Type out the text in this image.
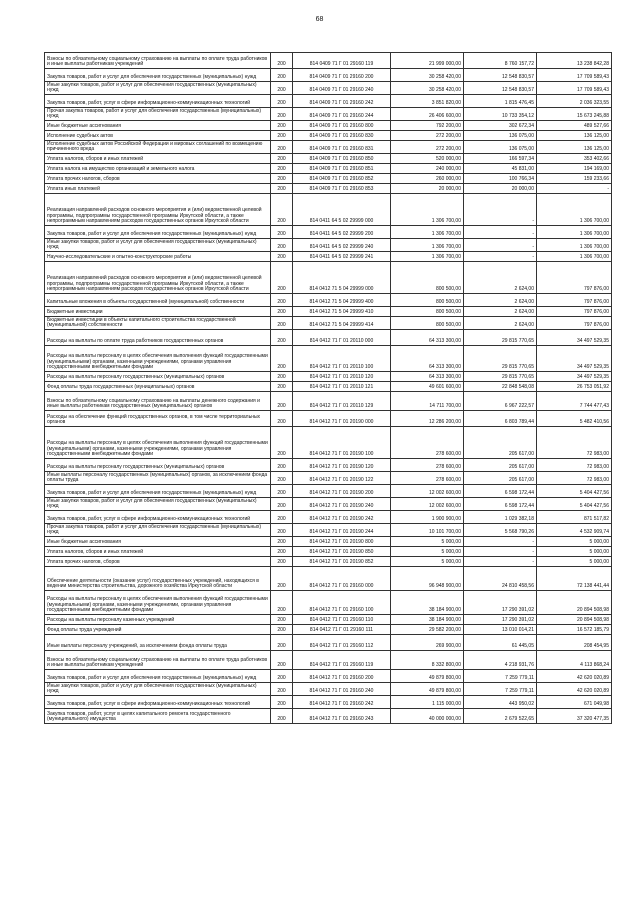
68
Взносы по обязательному социальному страхованию на выплаты по оплате труда работников и иные выплаты работникам учреждений	200	814 0409 71 Г 01 29160 119	21 999 000,00	8 760 157,72	13 238 842,28
Закупка товаров, работ и услуг для обеспечения государственных (муниципальных) нужд	200	814 0409 71 Г 01 29160 200	30 258 420,00	12 548 830,57	17 709 589,43
Иные закупки товаров, работ и услуг для обеспечения государственных (муниципальных) нужд	200	814 0409 71 Г 01 29160 240	30 258 420,00	12 548 830,57	17 709 589,43
Закупка товаров, работ, услуг в сфере информационно-коммуникационных технологий	200	814 0409 71 Г 01 29160 242	3 851 820,00	1 815 476,45	2 036 323,55
Прочая закупка товаров, работ и услуг для обеспечения государственных (муниципальных) нужд	200	814 0409 71 Г 01 29160 244	26 406 600,00	10 733 354,12	15 673 245,88
Иные бюджетные ассигнования	200	814 0409 71 Г 01 29160 800	792 200,00	302 672,34	489 527,66
Исполнение судебных актов	200	814 0409 71 Г 01 29160 830	272 200,00	136 075,00	136 125,00
Исполнение судебных актов Российской Федерации и мировых соглашений по возмещению причиненного вреда	200	814 0409 71 Г 01 29160 831	272 200,00	136 075,00	136 125,00
Уплата налогов, сборов и иных платежей	200	814 0409 71 Г 01 29160 850	520 000,00	166 597,34	353 402,66
Уплата налога на имущество организаций и земельного налога	200	814 0409 71 Г 01 29160 851	240 000,00	45 831,00	194 169,00
Уплата прочих налогов, сборов	200	814 0409 71 Г 01 29160 852	260 000,00	100 766,34	159 233,66
Уплата иных платежей	200	814 0409 71 Г 01 29160 853	20 000,00	20 000,00	-
Реализация направлений расходов основного мероприятия и (или) ведомственной целевой программы, подпрограммы государственной программы Иркутской области, а также непрограммным направлениям расходов государственных органов Иркутской области	200	814 0411 64 5 02 29999 000	1 306 700,00	-	1 306 700,00
Закупка товаров, работ и услуг для обеспечения государственных (муниципальных) нужд	200	814 0411 64 5 02 29999 200	1 306 700,00	-	1 306 700,00
Иные закупки товаров, работ и услуг для обеспечения государственных (муниципальных) нужд	200	814 0411 64 5 02 29999 240	1 306 700,00	-	1 306 700,00
Научно-исследовательские и опытно-конструкторские работы	200	814 0411 64 5 02 29999 241	1 306 700,00	-	1 306 700,00
Реализация направлений расходов основного мероприятия и (или) ведомственной целевой программы, подпрограммы государственной программы Иркутской области, а также непрограммным направлениям расходов государственных органов Иркутской области	200	814 0412 71 5 04 29999 000	800 500,00	2 624,00	797 876,00
Капитальные вложения в объекты государственной (муниципальной) собственности	200	814 0412 71 5 04 29999 400	800 500,00	2 624,00	797 876,00
Бюджетные инвестиции	200	814 0412 71 5 04 29999 410	800 500,00	2 624,00	797 876,00
Бюджетные инвестиции в объекты капитального строительства государственной (муниципальной) собственности	200	814 0412 71 5 04 29999 414	800 500,00	2 624,00	797 876,00
Расходы на выплаты по оплате труда работников государственных органов	200	814 0412 71 Г 01 20110 000	64 313 300,00	29 815 770,65	34 497 529,35
Расходы на выплаты персоналу в целях обеспечения выполнения функций государственными (муниципальными) органами, казенными учреждениями, органами управления государственными внебюджетными фондами	200	814 0412 71 Г 01 20110 100	64 313 300,00	29 815 770,65	34 497 529,35
Расходы на выплаты персоналу государственных (муниципальных) органов	200	814 0412 71 Г 01 20110 120	64 313 300,00	29 815 770,65	34 497 529,35
Фонд оплаты труда государственных (муниципальных) органов	200	814 0412 71 Г 01 20110 121	49 601 600,00	22 848 548,08	26 753 051,92
Взносы по обязательному социальному страхованию на выплаты денежного содержания и иные выплаты работникам государственных (муниципальных) органов	200	814 0412 71 Г 01 20110 129	14 711 700,00	6 967 222,57	7 744 477,43
Расходы на обеспечение функций государственных органов, в том числе территориальных органов	200	814 0412 71 Г 01 20190 000	12 286 200,00	6 803 789,44	5 482 410,56
Расходы на выплаты персоналу в целях обеспечения выполнения функций государственными (муниципальными) органами, казенными учреждениями, органами управления государственными внебюджетными фондами	200	814 0412 71 Г 01 20190 100	278 600,00	205 617,00	72 983,00
Расходы на выплаты персоналу государственных (муниципальных) органов	200	814 0412 71 Г 01 20190 120	278 600,00	205 617,00	72 983,00
Иные выплаты персоналу государственных (муниципальных) органов, за исключением фонда оплаты труда	200	814 0412 71 Г 01 20190 122	278 600,00	205 617,00	72 983,00
Закупка товаров, работ и услуг для обеспечения государственных (муниципальных) нужд	200	814 0412 71 Г 01 20190 200	12 002 600,00	6 598 172,44	5 404 427,56
Иные закупки товаров, работ и услуг для обеспечения государственных (муниципальных) нужд	200	814 0412 71 Г 01 20190 240	12 002 600,00	6 598 172,44	5 404 427,56
Закупка товаров, работ, услуг в сфере информационно-коммуникационных технологий	200	814 0412 71 Г 01 20190 242	1 900 900,00	1 029 382,18	871 517,82
Прочая закупка товаров, работ и услуг для обеспечения государственных (муниципальных) нужд	200	814 0412 71 Г 01 20190 244	10 101 700,00	5 568 790,26	4 532 909,74
Иные бюджетные ассигнования	200	814 0412 71 Г 01 20190 800	5 000,00	-	5 000,00
Уплата налогов, сборов и иных платежей	200	814 0412 71 Г 01 20190 850	5 000,00	-	5 000,00
Уплата прочих налогов, сборов	200	814 0412 71 Г 01 20190 852	5 000,00	-	5 000,00
Обеспечение деятельности (оказание услуг) государственных учреждений, находящихся в ведении министерства строительства, дорожного хозяйства Иркутской области	200	814 0412 71 Г 01 29160 000	96 948 900,00	24 810 458,56	72 138 441,44
Расходы на выплаты персоналу в целях обеспечения выполнения функций государственными (муниципальными) органами, казенными учреждениями, органами управления государственными внебюджетными фондами	200	814 0412 71 Г 01 29160 100	38 184 900,00	17 290 391,02	20 894 508,98
Расходы на выплаты персоналу казенных учреждений	200	814 0412 71 Г 01 29160 110	38 184 900,00	17 290 391,02	20 894 508,98
Фонд оплаты труда учреждений	200	814 0412 71 Г 01 29160 111	29 582 200,00	13 010 014,21	16 572 185,79
Иные выплаты персоналу учреждений, за исключением фонда оплаты труда	200	814 0412 71 Г 01 29160 112	269 900,00	61 445,05	208 454,95
Взносы по обязательному социальному страхованию на выплаты по оплате труда работников и иные выплаты работникам учреждений	200	814 0412 71 Г 01 29160 119	8 332 800,00	4 218 931,76	4 113 868,24
Закупка товаров, работ и услуг для обеспечения государственных (муниципальных) нужд	200	814 0412 71 Г 01 29160 200	49 879 800,00	7 259 779,11	42 620 020,89
Иные закупки товаров, работ и услуг для обеспечения государственных (муниципальных) нужд	200	814 0412 71 Г 01 29160 240	49 879 800,00	7 259 779,11	42 620 020,89
Закупка товаров, работ, услуг в сфере информационно-коммуникационных технологий	200	814 0412 71 Г 01 29160 242	1 115 000,00	443 950,02	671 049,98
Закупка товаров, работ, услуг в целях капитального ремонта государственного (муниципального) имущества	200	814 0412 71 Г 01 29160 243	40 000 000,00	2 679 522,65	37 320 477,35
